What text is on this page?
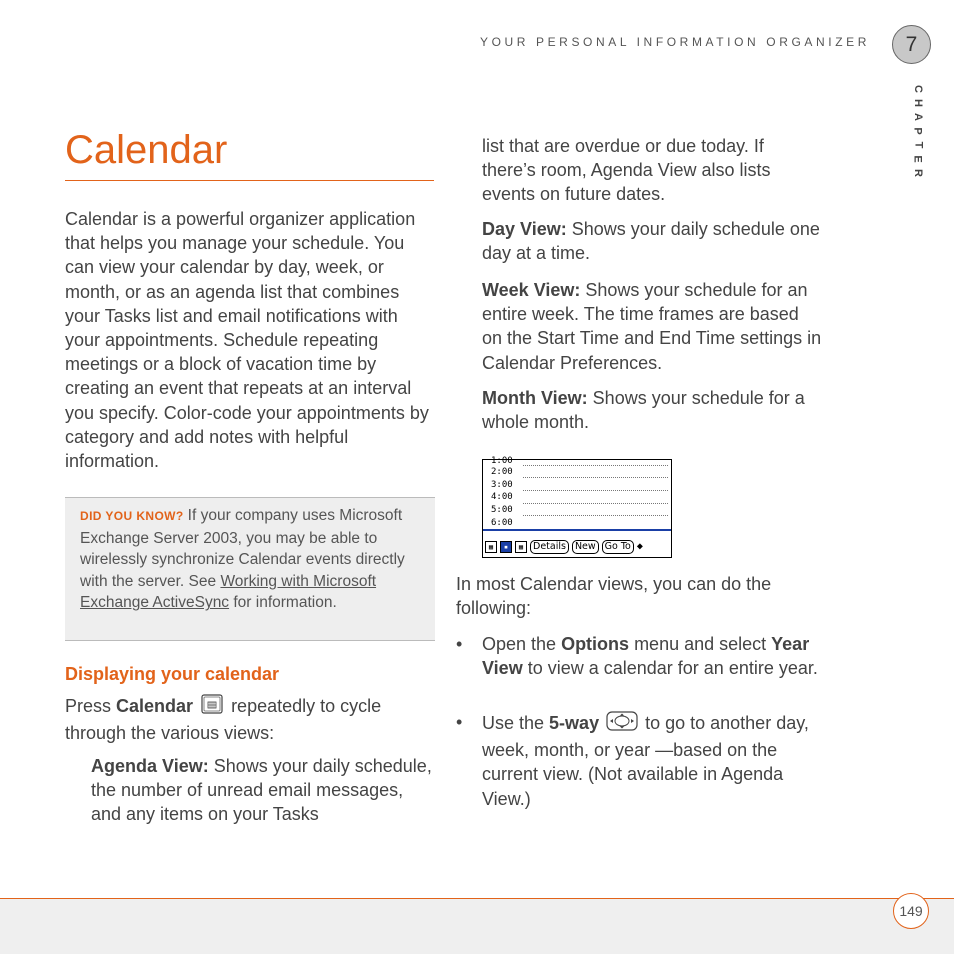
YOUR PERSONAL INFORMATION ORGANIZER	7
C
H
A
P
T
E
R
Calendar

Calendar is a powerful organizer application that helps you manage your schedule. You can view your calendar by day, week, or month, or as an agenda list that combines your Tasks list and email notifications with your appointments. Schedule repeating meetings or a block of vacation time by creating an event that repeats at an interval you specify. Color-code your appointments by category and add notes with helpful information.

DID YOU KNOW? If your company uses Microsoft Exchange Server 2003, you may be able to wirelessly synchronize Calendar events directly with the server. See Working with Microsoft Exchange ActiveSync for information.
Displaying your calendar

Press Calendar  repeatedly to cycle through the various views:

Agenda View: Shows your daily schedule, the number of unread email messages, and any items on your Tasks

list that are overdue or due today. If there’s room, Agenda View also lists events on future dates.

Day View: Shows your daily schedule one day at a time.

Week View: Shows your schedule for an entire week. The time frames are based on the Start Time and End Time settings in Calendar Preferences.

Month View: Shows your schedule for a whole month.

1:00
2:00
3:00
4:00
5:00
6:00
▦	▪	▦	Details New Go To ◆

In most Calendar views, you can do the following:

• Open the Options menu and select Year View to view a calendar for an entire year.
• Use the 5-way  to go to another day, week, month, or year —based on the current view. (Not available in Agenda View.)
149
